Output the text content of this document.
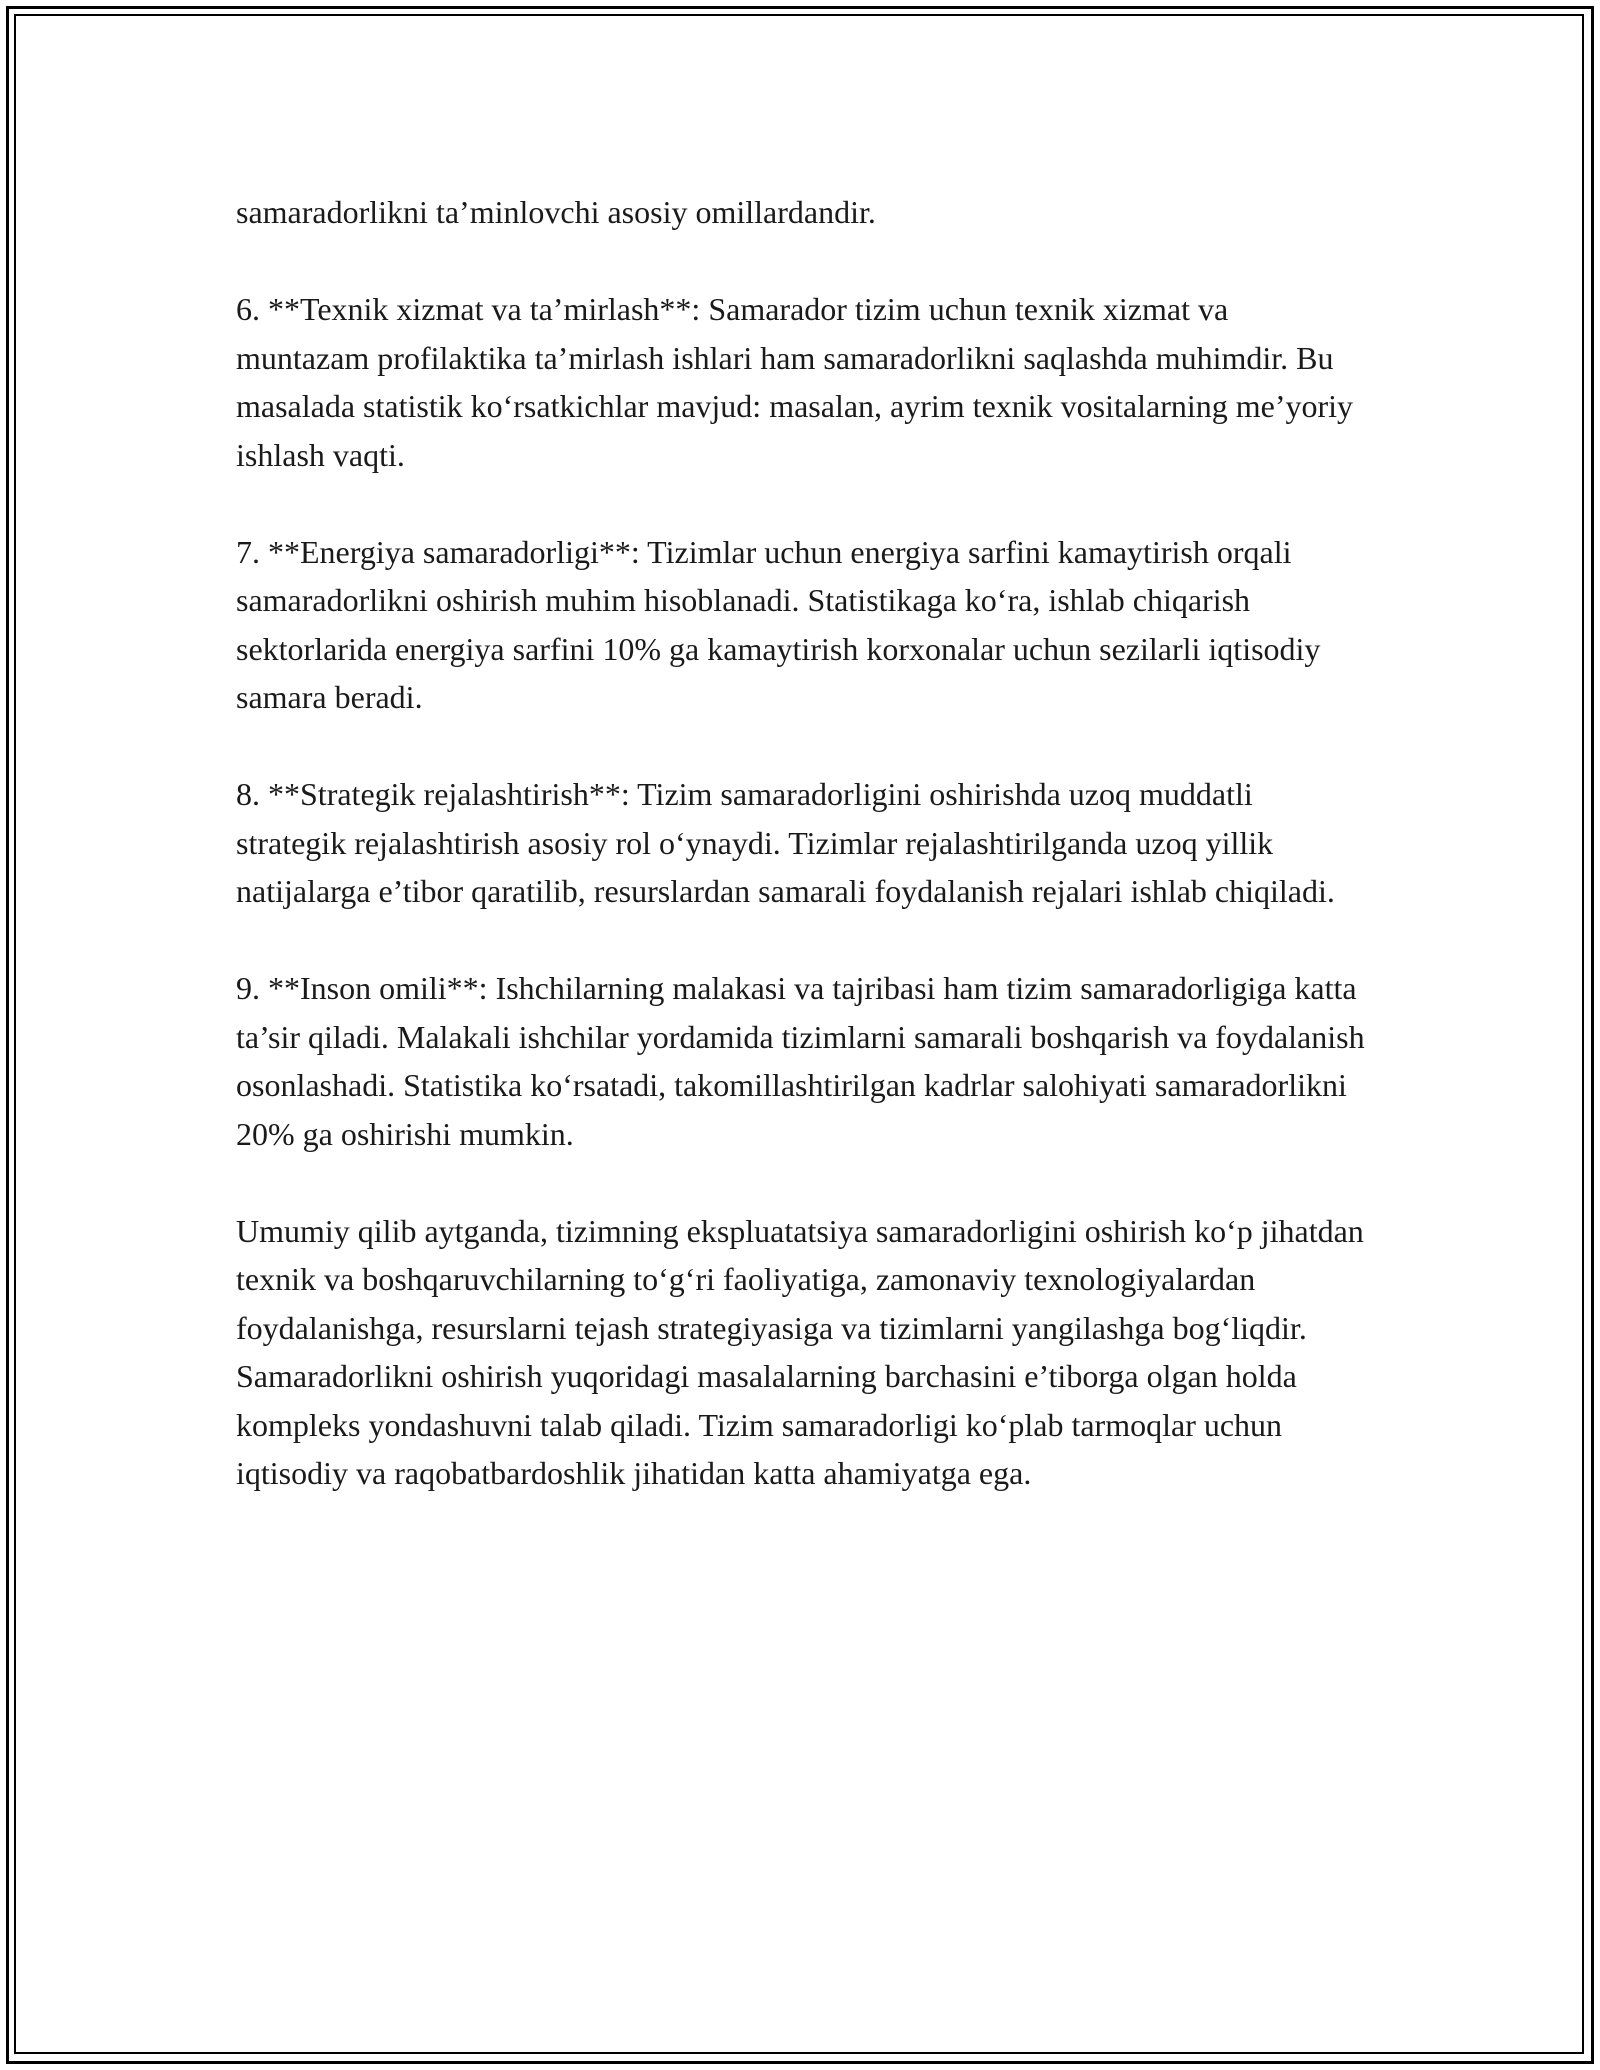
samaradorlikni ta’minlovchi asosiy omillardandir.

6. **Texnik xizmat va ta’mirlash**: Samarador tizim uchun texnik xizmat va muntazam profilaktika ta’mirlash ishlari ham samaradorlikni saqlashda muhimdir. Bu masalada statistik ko‘rsatkichlar mavjud: masalan, ayrim texnik vositalarning me’yoriy ishlash vaqti.

7. **Energiya samaradorligi**: Tizimlar uchun energiya sarfini kamaytirish orqali samaradorlikni oshirish muhim hisoblanadi. Statistikaga ko‘ra, ishlab chiqarish sektorlarida energiya sarfini 10% ga kamaytirish korxonalar uchun sezilarli iqtisodiy samara beradi.

8. **Strategik rejalashtirish**: Tizim samaradorligini oshirishda uzoq muddatli strategik rejalashtirish asosiy rol o‘ynaydi. Tizimlar rejalashtirilganda uzoq yillik natijalarga e’tibor qaratilib, resurslardan samarali foydalanish rejalari ishlab chiqiladi.

9. **Inson omili**: Ishchilarning malakasi va tajribasi ham tizim samaradorligiga katta ta’sir qiladi. Malakali ishchilar yordamida tizimlarni samarali boshqarish va foydalanish osonlashadi. Statistika ko‘rsatadi, takomillashtirilgan kadrlar salohiyati samaradorlikni 20% ga oshirishi mumkin.

Umumiy qilib aytganda, tizimning ekspluatatsiya samaradorligini oshirish ko‘p jihatdan texnik va boshqaruvchilarning to‘g‘ri faoliyatiga, zamonaviy texnologiyalardan foydalanishga, resurslarni tejash strategiyasiga va tizimlarni yangilashga bog‘liqdir. Samaradorlikni oshirish yuqoridagi masalalarning barchasini e’tiborga olgan holda kompleks yondashuvni talab qiladi. Tizim samaradorligi ko‘plab tarmoqlar uchun iqtisodiy va raqobatbardoshlik jihatidan katta ahamiyatga ega.
